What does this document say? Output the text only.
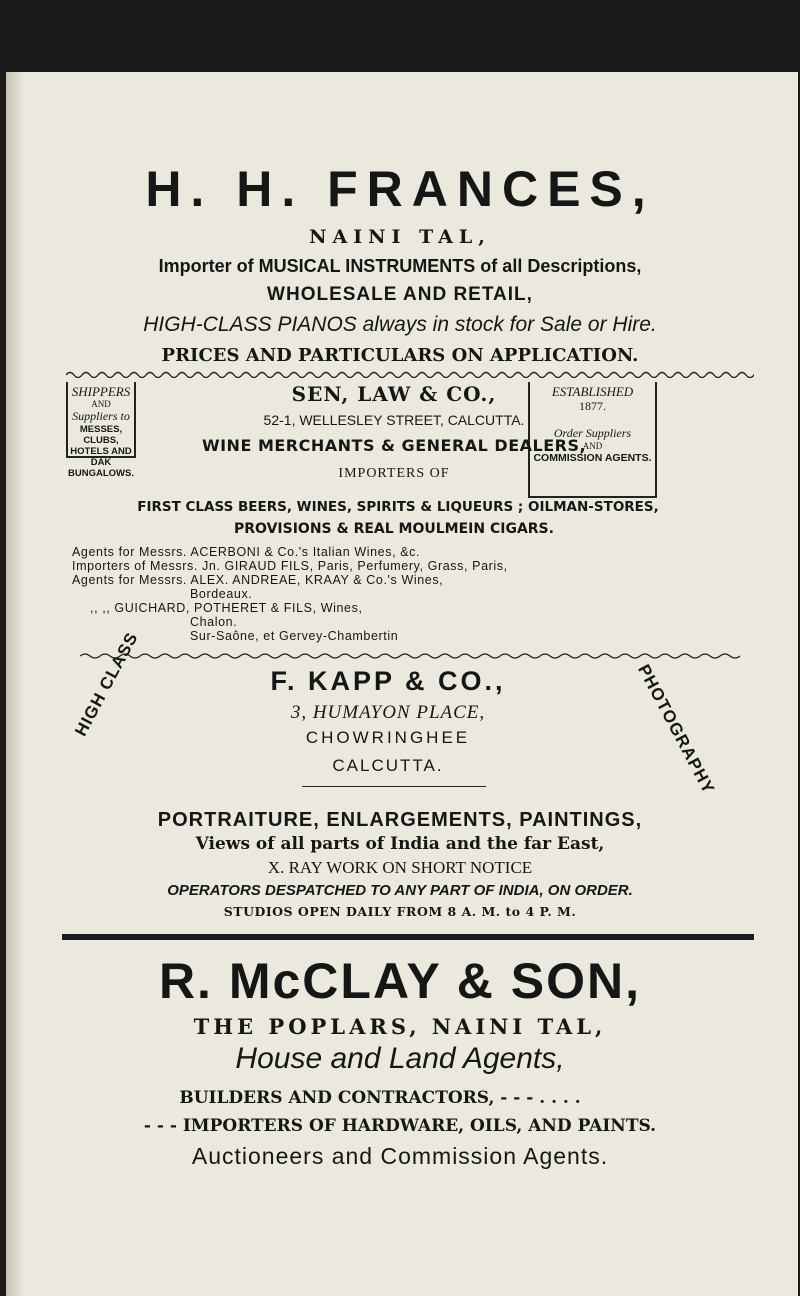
H. H. FRANCES,
NAINI TAL,
Importer of MUSICAL INSTRUMENTS of all Descriptions,
WHOLESALE AND RETAIL,
HIGH-CLASS PIANOS always in stock for Sale or Hire.
PRICES AND PARTICULARS ON APPLICATION.
SHIPPERS
AND
Suppliers to
MESSES, CLUBS,
HOTELS AND DAK
BUNGALOWS.
ESTABLISHED
1877.
Order Suppliers
AND
COMMISSION AGENTS.
SEN, LAW & CO.,
52-1, WELLESLEY STREET, CALCUTTA.
WINE MERCHANTS & GENERAL DEALERS,
IMPORTERS OF
FIRST CLASS BEERS, WINES, SPIRITS & LIQUEURS ; OILMAN-STORES,
PROVISIONS & REAL MOULMEIN CIGARS.
Agents for Messrs. ACERBONI & Co.'s Italian Wines, &c.
Importers of Messrs. Jn. GIRAUD FILS, Paris, Perfumery, Grass, Paris,
Agents for Messrs. ALEX. ANDREAE, KRAAY & Co.'s Wines,
Bordeaux.
,, ,, GUICHARD, POTHERET & FILS, Wines,
Chalon.
Sur-Saône, et Gervey-Chambertin
HIGH CLASS	PHOTOGRAPHY
F. KAPP & CO.,
3, HUMAYON PLACE,
CHOWRINGHEE
CALCUTTA.
PORTRAITURE, ENLARGEMENTS, PAINTINGS,
Views of all parts of India and the far East,
X. RAY WORK ON SHORT NOTICE
OPERATORS DESPATCHED TO ANY PART OF INDIA, ON ORDER.
STUDIOS OPEN DAILY FROM 8 A. M. to 4 P. M.
R. McCLAY & SON,
THE POPLARS, NAINI TAL,
House and Land Agents,
BUILDERS AND CONTRACTORS, - - - . . . .
- - - IMPORTERS OF HARDWARE, OILS, AND PAINTS.
Auctioneers and Commission Agents.
